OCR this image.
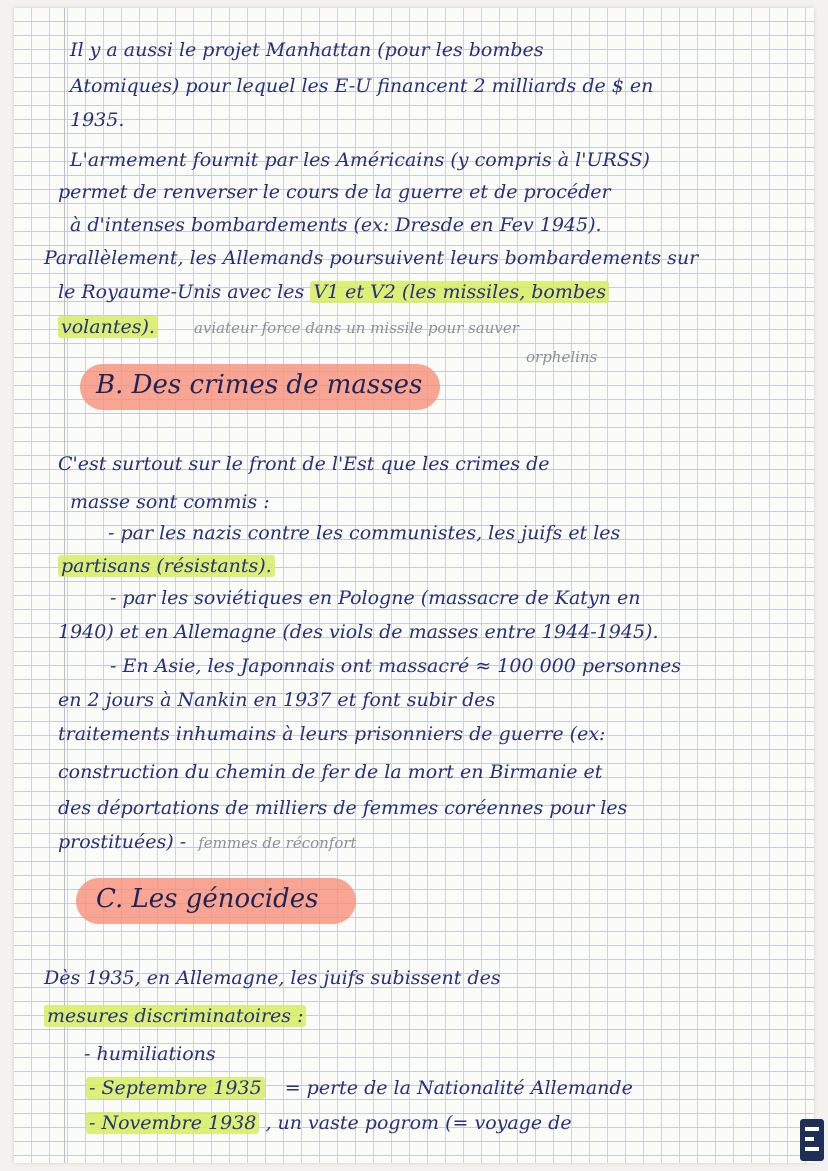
Il y a aussi le projet Manhattan (pour les bombes
Atomiques) pour lequel les E-U financent 2 milliards de $ en
1935.
L'armement fournit par les Américains (y compris à l'URSS)
permet de renverser le cours de la guerre et de procéder
à d'intenses bombardements (ex: Dresde en Fev 1945).
Parallèlement, les Allemands poursuivent leurs bombardements sur
le Royaume-Unis avec les V1 et V2 (les missiles, bombes
volantes).	aviateur force dans un missile pour sauver
orphelins
B. Des crimes de masses
C'est surtout sur le front de l'Est que les crimes de
masse sont commis :
- par les nazis contre les communistes, les juifs et les
partisans (résistants).
- par les soviétiques en Pologne (massacre de Katyn en
1940) et en Allemagne (des viols de masses entre 1944-1945).
- En Asie, les Japonnais ont massacré ≈ 100 000 personnes
en 2 jours à Nankin en 1937 et font subir des
traitements inhumains à leurs prisonniers de guerre (ex:
construction du chemin de fer de la mort en Birmanie et
des déportations de milliers de femmes coréennes pour les
prostituées) - femmes de réconfort
C. Les génocides
Dès 1935, en Allemagne, les juifs subissent des
mesures discriminatoires :
- humiliations
- Septembre 1935 = perte de la Nationalité Allemande
- Novembre 1938 , un vaste pogrom (= voyage de
